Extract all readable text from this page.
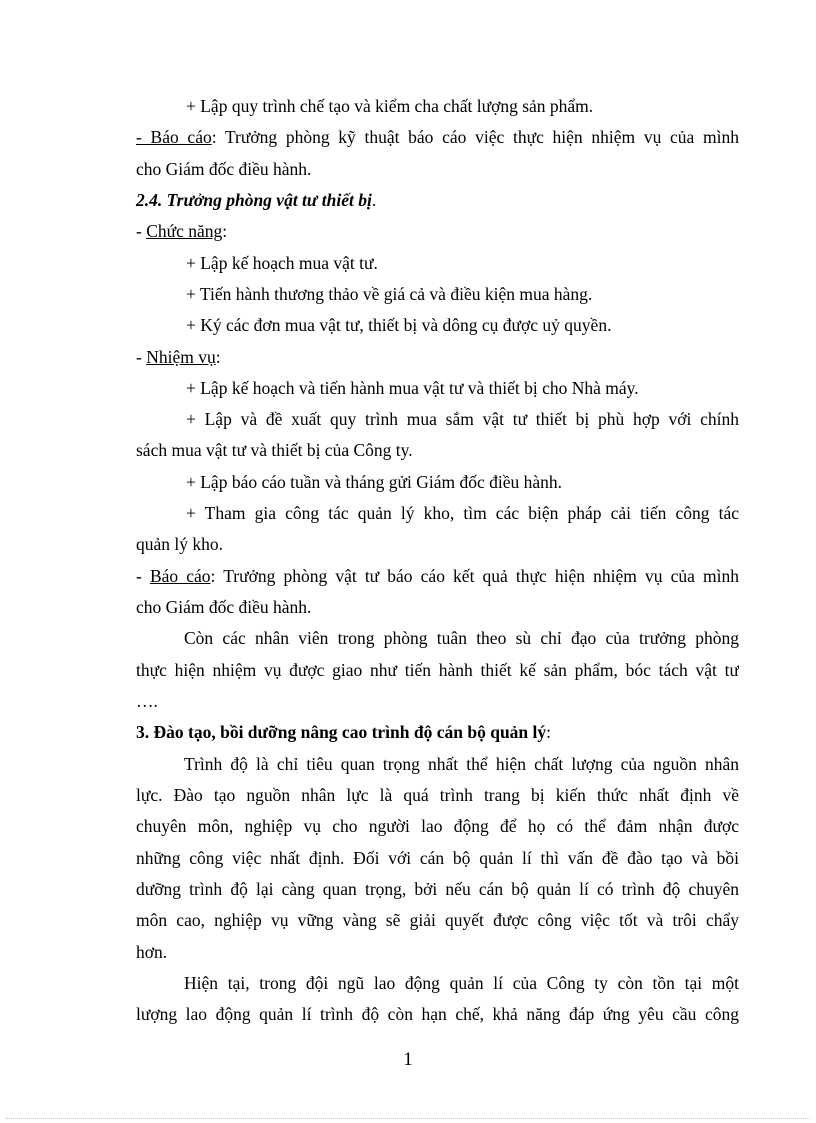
+ Lập quy trình chế tạo và kiểm cha chất lượng sản phẩm.
- Báo cáo: Trưởng phòng kỹ thuật báo cáo việc thực hiện nhiệm vụ của mình
cho Giám đốc điều hành.
2.4. Trưởng phòng vật tư thiết bị.
- Chức năng:
+ Lập kế hoạch mua vật tư.
+ Tiến hành thương thảo về giá cả và điều kiện mua hàng.
+ Ký các đơn mua vật tư, thiết bị và dông cụ được uỷ quyền.
- Nhiệm vụ:
+ Lập kế hoạch và tiến hành mua vật tư và thiết bị cho Nhà máy.
+ Lập và đề xuất quy trình mua sắm vật tư thiết bị phù hợp với chính
sách mua vật tư và thiết bị của Công ty.
+ Lập báo cáo tuần và tháng gửi Giám đốc điều hành.
+ Tham gia công tác quản lý kho, tìm các biện pháp cải tiến công tác
quản lý kho.
- Báo cáo: Trưởng phòng vật tư báo cáo kết quả thực hiện nhiệm vụ của mình
cho Giám đốc điều hành.
Còn các nhân viên trong phòng tuân theo sù chỉ đạo của trưởng phòng
thực hiện nhiệm vụ được giao như tiến hành thiết kế sản phẩm, bóc tách vật tư
….
3. Đào tạo, bồi dưỡng nâng cao trình độ cán bộ quản lý:
Trình độ là chỉ tiêu quan trọng nhất thể hiện chất lượng của nguồn nhân
lực. Đào tạo nguồn nhân lực là quá trình trang bị kiến thức nhất định về
chuyên môn, nghiệp vụ cho người lao động để họ có thể đảm nhận được
những công việc nhất định. Đối với cán bộ quản lí thì vấn đề đào tạo và bồi
dưỡng trình độ lại càng quan trọng, bởi nếu cán bộ quản lí có trình độ chuyên
môn cao, nghiệp vụ vững vàng sẽ giải quyết được công việc tốt và trôi chẩy
hơn.
Hiện tại, trong đội ngũ lao động quản lí của Công ty còn tồn tại một
lượng lao động quản lí trình độ còn hạn chế, khả năng đáp ứng yêu cầu công
1
